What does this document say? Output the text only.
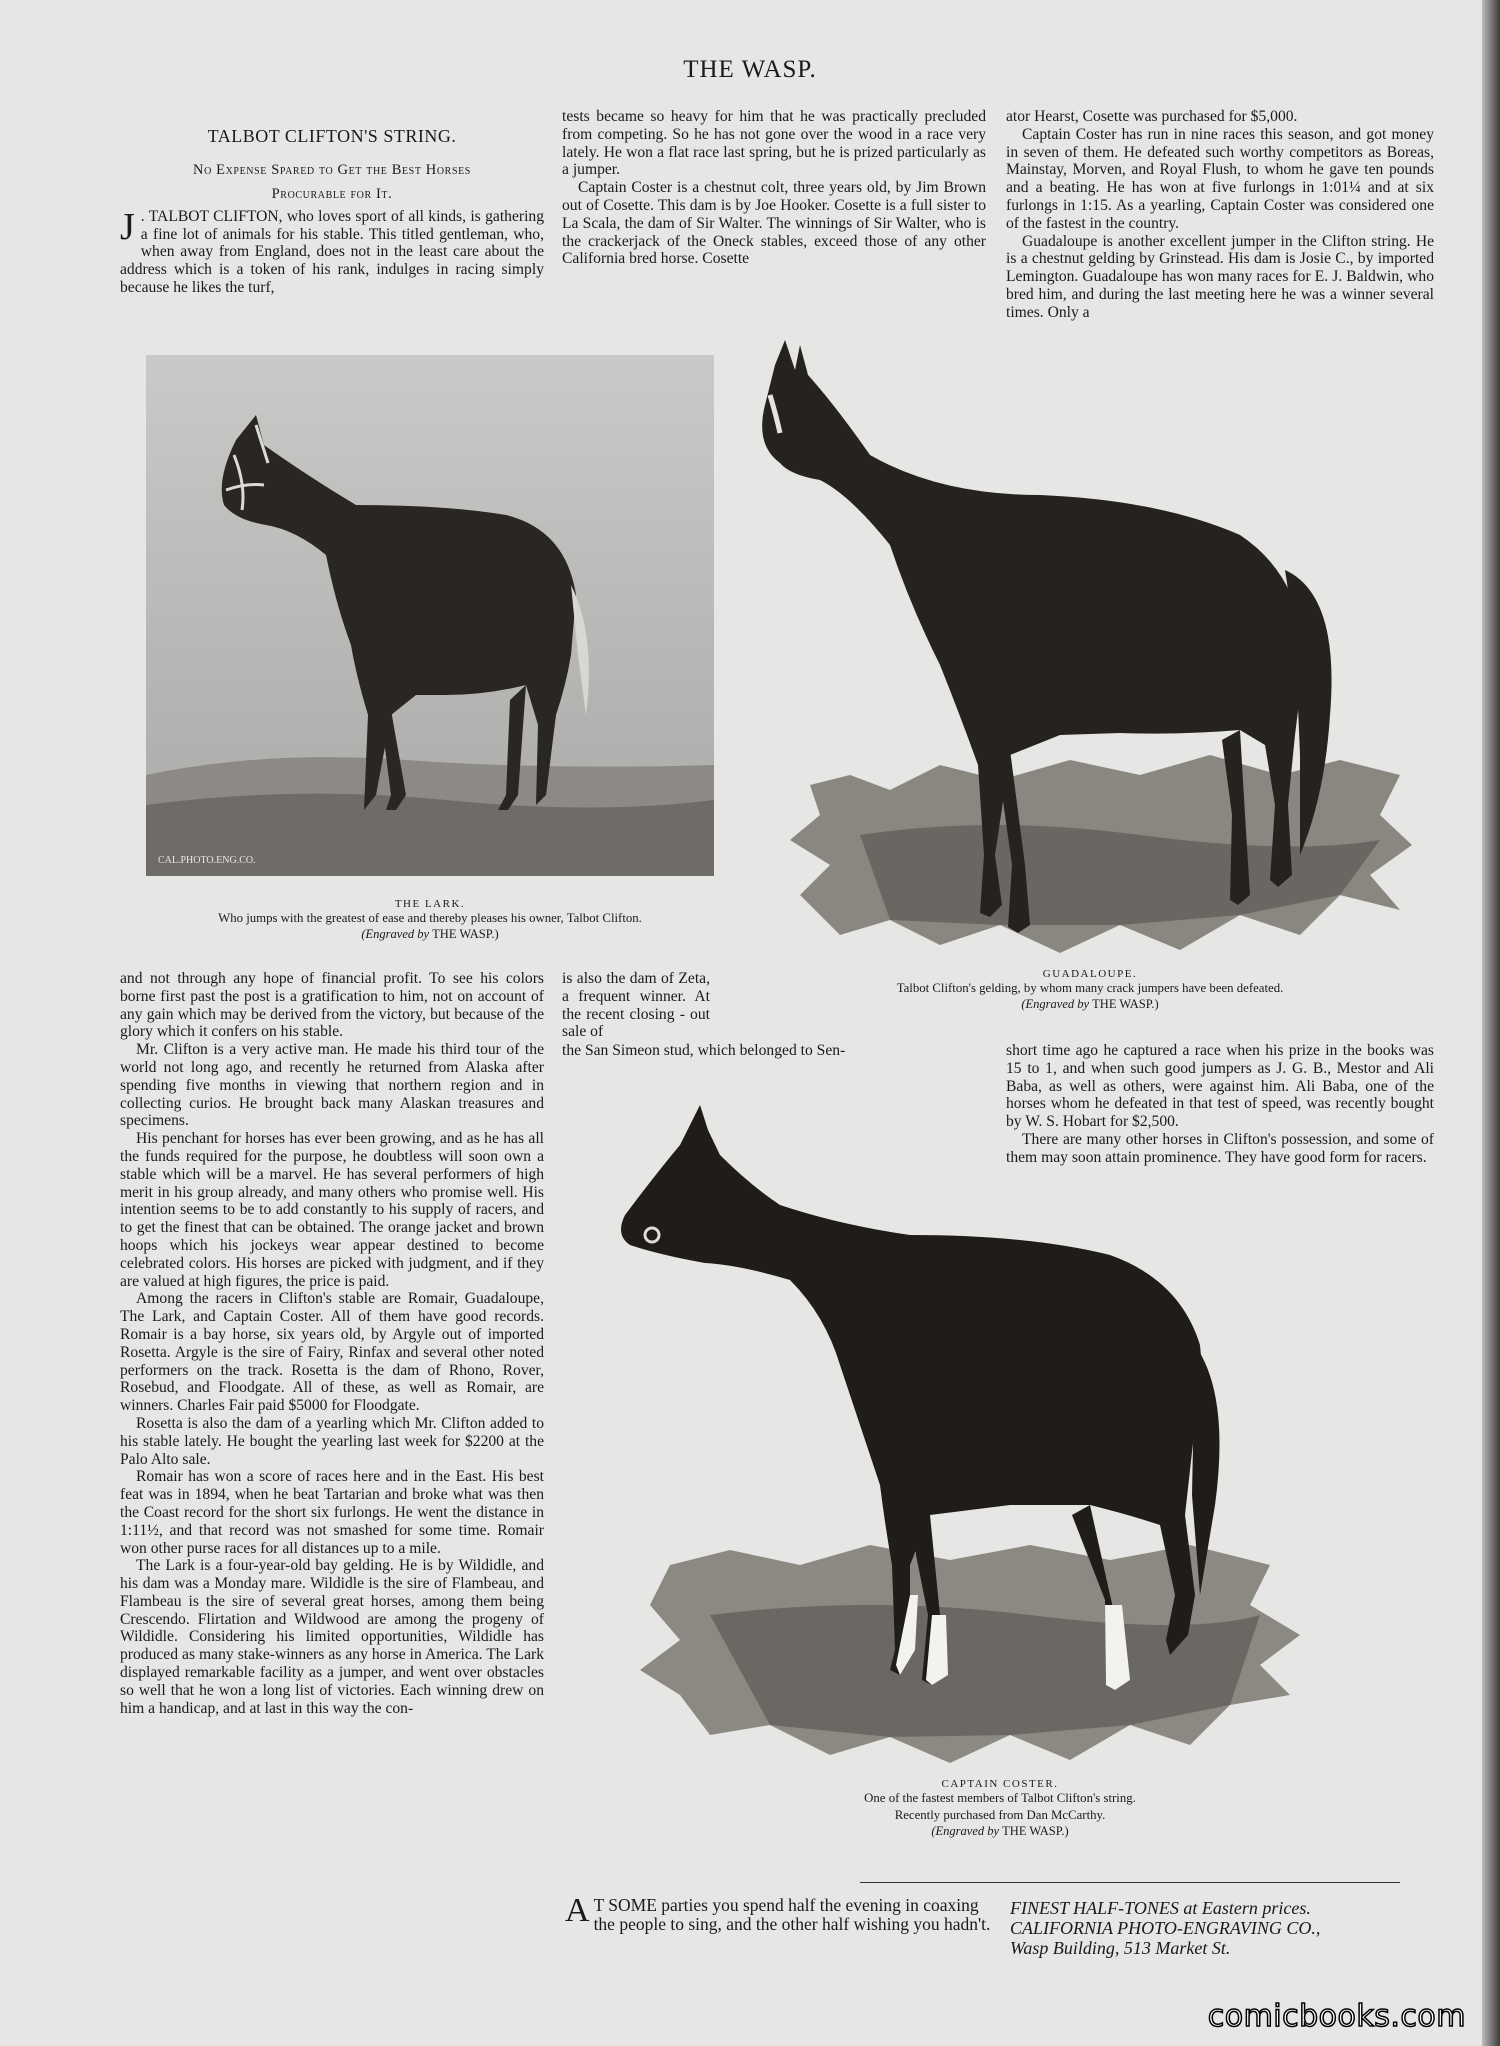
THE WASP.
TALBOT CLIFTON'S STRING.
No Expense Spared to Get the Best Horses
Procurable for It.

J . TALBOT CLIFTON, who loves sport of all kinds, is gathering a fine lot of animals for his stable. This titled gentleman, who, when away from England, does not in the least care about the address which is a token of his rank, indulges in racing simply because he likes the turf,

tests became so heavy for him that he was practically precluded from competing. So he has not gone over the wood in a race very lately. He won a flat race last spring, but he is prized particularly as a jumper.

Captain Coster is a chestnut colt, three years old, by Jim Brown out of Cosette. This dam is by Joe Hooker. Cosette is a full sister to La Scala, the dam of Sir Walter. The winnings of Sir Walter, who is the crackerjack of the Oneck stables, exceed those of any other California bred horse. Cosette

ator Hearst, Cosette was purchased for $5,000.

Captain Coster has run in nine races this season, and got money in seven of them. He defeated such worthy competitors as Boreas, Mainstay, Morven, and Royal Flush, to whom he gave ten pounds and a beating. He has won at five furlongs in 1:01¼ and at six furlongs in 1:15. As a yearling, Captain Coster was considered one of the fastest in the country.

Guadaloupe is another excellent jumper in the Clifton string. He is a chestnut gelding by Grinstead. His dam is Josie C., by imported Lemington. Guadaloupe has won many races for E. J. Baldwin, who bred him, and during the last meeting here he was a winner several times. Only a

CAL.PHOTO.ENG.CO.
THE LARK.
Who jumps with the greatest of ease and thereby pleases his owner, Talbot Clifton.
(Engraved by THE WASP.)
GUADALOUPE.
Talbot Clifton's gelding, by whom many crack jumpers have been defeated.
(Engraved by THE WASP.)

and not through any hope of financial profit. To see his colors borne first past the post is a gratification to him, not on account of any gain which may be derived from the victory, but because of the glory which it confers on his stable.

Mr. Clifton is a very active man. He made his third tour of the world not long ago, and recently he returned from Alaska after spending five months in viewing that northern region and in collecting curios. He brought back many Alaskan treasures and specimens.

His penchant for horses has ever been growing, and as he has all the funds required for the purpose, he doubtless will soon own a stable which will be a marvel. He has several performers of high merit in his group already, and many others who promise well. His intention seems to be to add constantly to his supply of racers, and to get the finest that can be obtained. The orange jacket and brown hoops which his jockeys wear appear destined to become celebrated colors. His horses are picked with judgment, and if they are valued at high figures, the price is paid.

Among the racers in Clifton's stable are Romair, Guadaloupe, The Lark, and Captain Coster. All of them have good records. Romair is a bay horse, six years old, by Argyle out of imported Rosetta. Argyle is the sire of Fairy, Rinfax and several other noted performers on the track. Rosetta is the dam of Rhono, Rover, Rosebud, and Floodgate. All of these, as well as Romair, are winners. Charles Fair paid $5000 for Floodgate.

Rosetta is also the dam of a yearling which Mr. Clifton added to his stable lately. He bought the yearling last week for $2200 at the Palo Alto sale.

Romair has won a score of races here and in the East. His best feat was in 1894, when he beat Tartarian and broke what was then the Coast record for the short six furlongs. He went the distance in 1:11½, and that record was not smashed for some time. Romair won other purse races for all distances up to a mile.

The Lark is a four-year-old bay gelding. He is by Wildidle, and his dam was a Monday mare. Wildidle is the sire of Flambeau, and Flambeau is the sire of several great horses, among them being Crescendo. Flirtation and Wildwood are among the progeny of Wildidle. Considering his limited opportunities, Wildidle has produced as many stake-winners as any horse in America. The Lark displayed remarkable facility as a jumper, and went over obstacles so well that he won a long list of victories. Each winning drew on him a handicap, and at last in this way the con-

is also the dam of Zeta, a frequent winner. At the recent closing - out sale of

the San Simeon stud, which belonged to Sen-	short time ago he captured a race when his prize in the books was 15 to 1, and when such good jumpers as J. G. B., Mestor and Ali Baba, as well as others, were against him. Ali Baba, one of the horses whom he defeated in that test of speed, was recently bought by W. S. Hobart for $2,500.

There are many other horses in Clifton's possession, and some of them may soon attain prominence. They have good form for racers.

CAPTAIN COSTER.
One of the fastest members of Talbot Clifton's string.
Recently purchased from Dan McCarthy.
(Engraved by THE WASP.)
A T SOME parties you spend half the evening in coaxing the people to sing, and the other half wishing you hadn't.
FINEST HALF-TONES at Eastern prices.
CALIFORNIA PHOTO-ENGRAVING CO.,
Wasp Building, 513 Market St.
comicbooks.com
